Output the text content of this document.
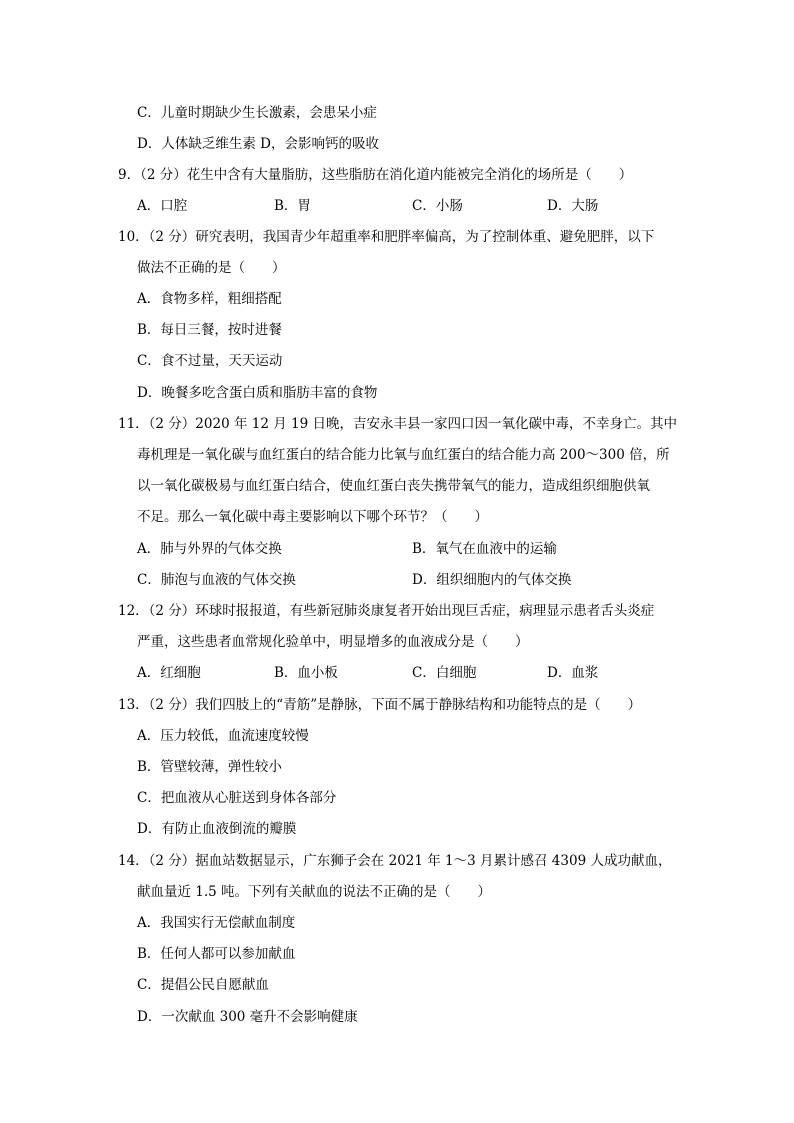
C．儿童时期缺少生长激素，会患呆小症
D．人体缺乏维生素 D，会影响钙的吸收
9．（2 分）花生中含有大量脂肪，这些脂肪在消化道内能被完全消化的场所是（　　）
A．口腔	B．胃	C．小肠	D．大肠
10．（2 分）研究表明，我国青少年超重率和肥胖率偏高，为了控制体重、避免肥胖，以下
做法不正确的是（　　）
A．食物多样，粗细搭配
B．每日三餐，按时进餐
C．食不过量，天天运动
D．晚餐多吃含蛋白质和脂肪丰富的食物
11．（2 分）2020 年 12 月 19 日晚，吉安永丰县一家四口因一氧化碳中毒，不幸身亡。其中
毒机理是一氧化碳与血红蛋白的结合能力比氧与血红蛋白的结合能力高 200～300 倍，所
以一氧化碳极易与血红蛋白结合，使血红蛋白丧失携带氧气的能力，造成组织细胞供氧
不足。那么一氧化碳中毒主要影响以下哪个环节？（　　）
A．肺与外界的气体交换	B．氧气在血液中的运输
C．肺泡与血液的气体交换	D．组织细胞内的气体交换
12．（2 分）环球时报报道，有些新冠肺炎康复者开始出现巨舌症，病理显示患者舌头炎症
严重，这些患者血常规化验单中，明显增多的血液成分是（　　）
A．红细胞	B．血小板	C．白细胞	D．血浆
13．（2 分）我们四肢上的“青筋”是静脉，下面不属于静脉结构和功能特点的是（　　）
A．压力较低，血流速度较慢
B．管壁较薄，弹性较小
C．把血液从心脏送到身体各部分
D．有防止血液倒流的瓣膜
14．（2 分）据血站数据显示，广东狮子会在 2021 年 1～3 月累计感召 4309 人成功献血，
献血量近 1.5 吨。下列有关献血的说法不正确的是（　　）
A．我国实行无偿献血制度
B．任何人都可以参加献血
C．提倡公民自愿献血
D．一次献血 300 毫升不会影响健康
